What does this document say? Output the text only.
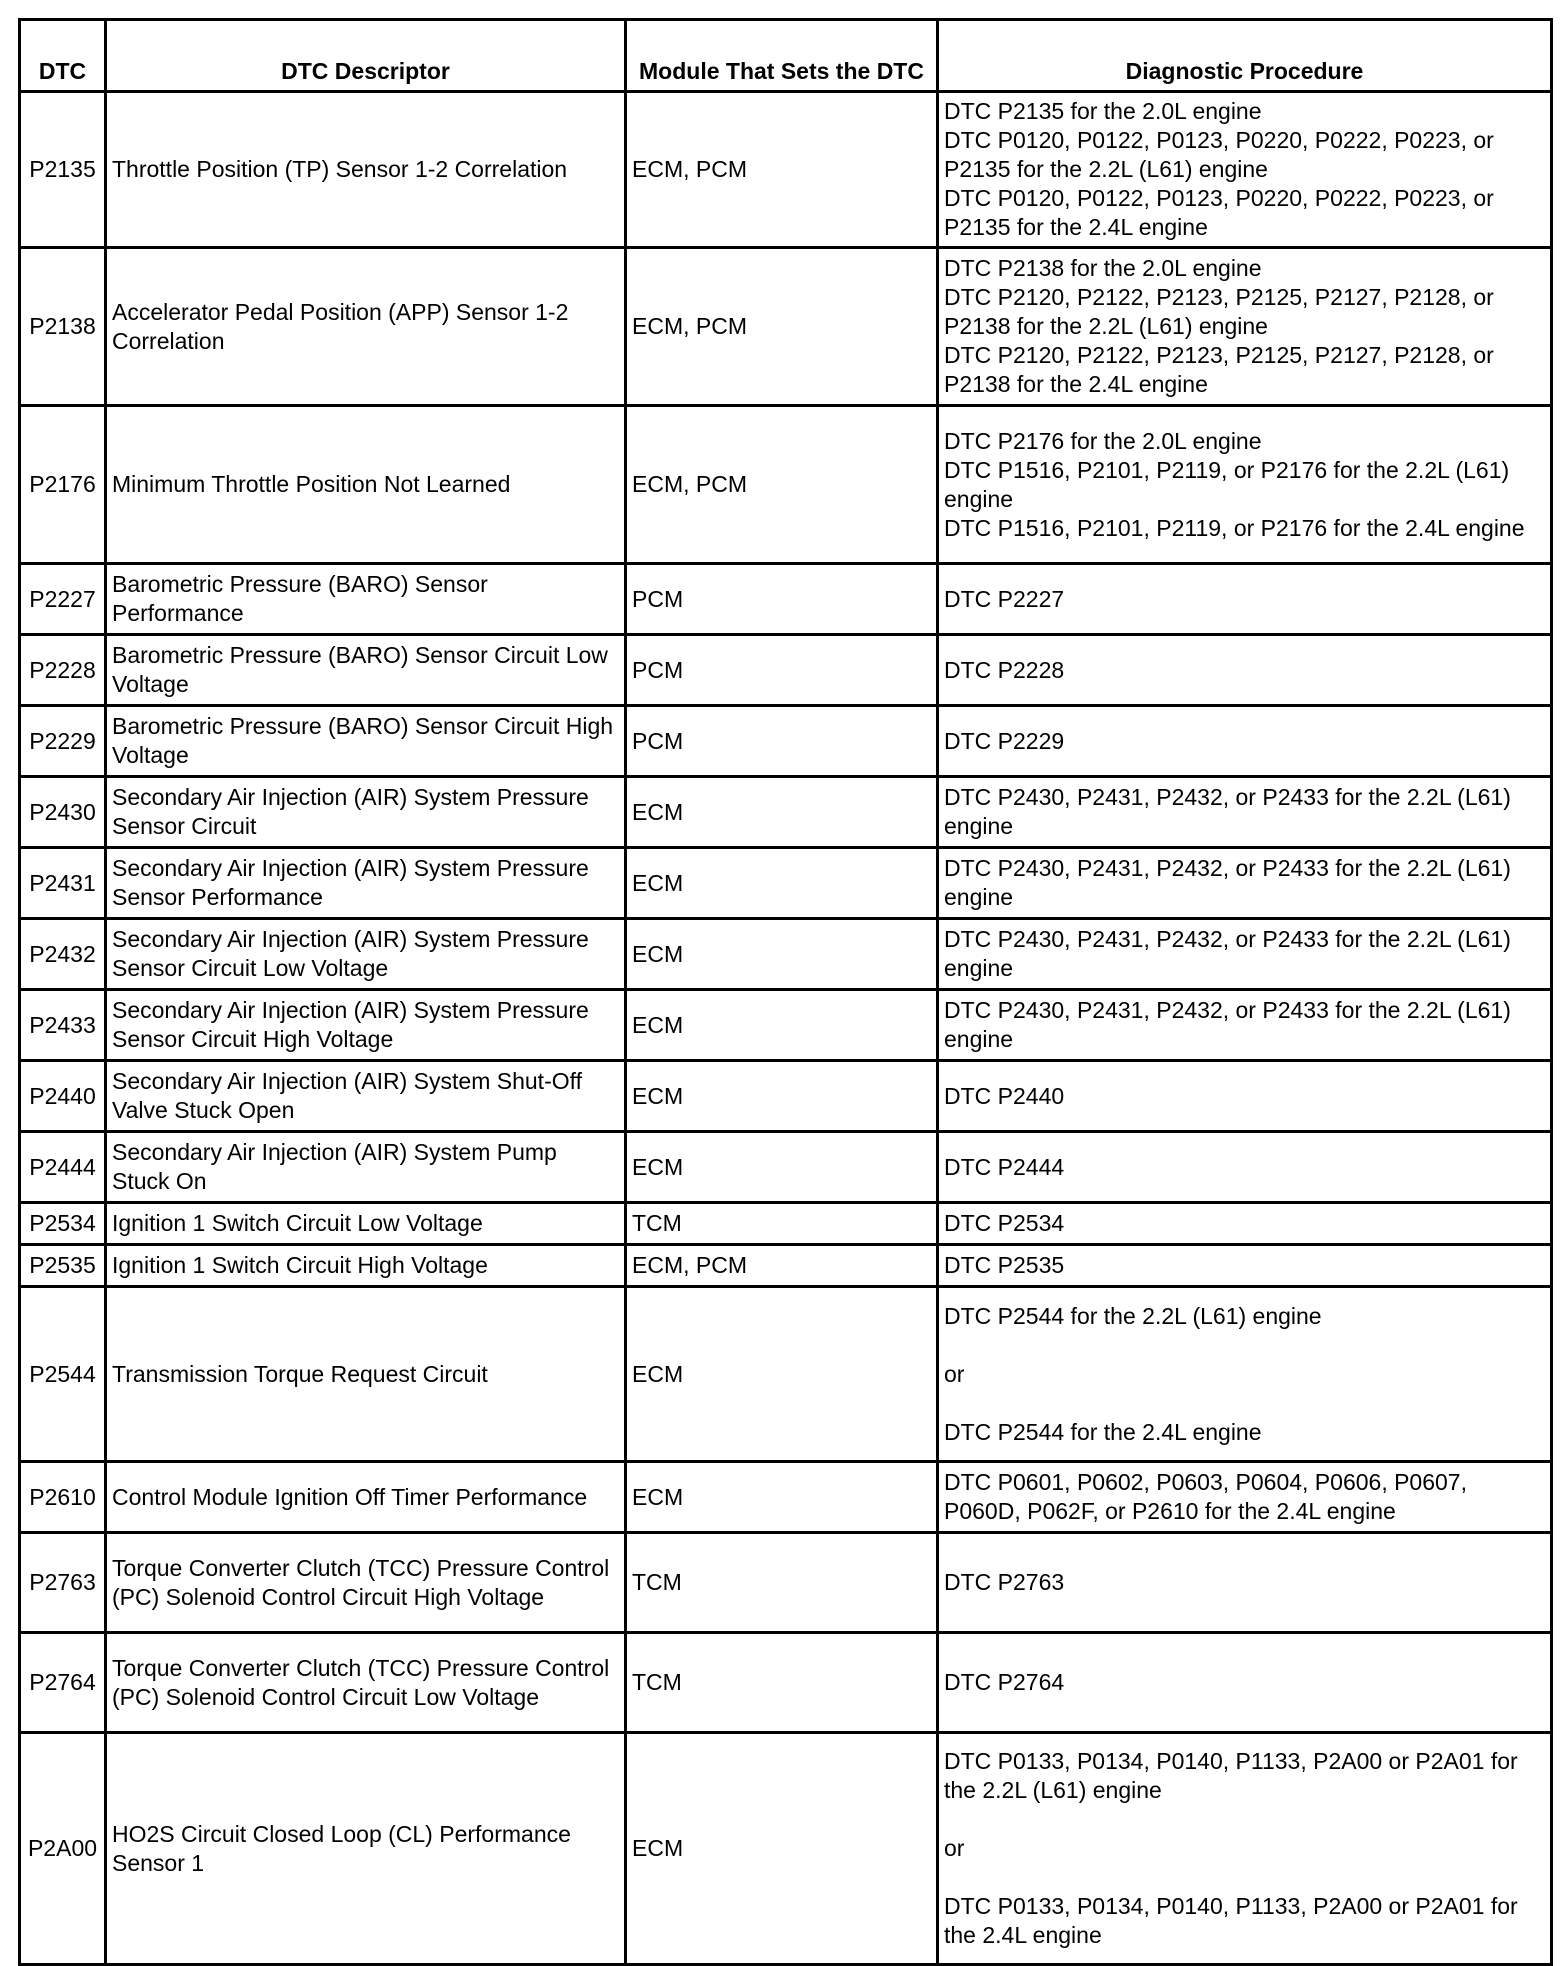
DTC	DTC Descriptor	Module That Sets the DTC	Diagnostic Procedure
P2135	Throttle Position (TP) Sensor 1-2 Correlation	ECM, PCM	DTC P2135 for the 2.0L engine
DTC P0120, P0122, P0123, P0220, P0222, P0223, or P2135 for the 2.2L (L61) engine
DTC P0120, P0122, P0123, P0220, P0222, P0223, or P2135 for the 2.4L engine

P2138	Accelerator Pedal Position (APP) Sensor 1-2 Correlation	ECM, PCM	DTC P2138 for the 2.0L engine
DTC P2120, P2122, P2123, P2125, P2127, P2128, or P2138 for the 2.2L (L61) engine
DTC P2120, P2122, P2123, P2125, P2127, P2128, or P2138 for the 2.4L engine

P2176	Minimum Throttle Position Not Learned	ECM, PCM	DTC P2176 for the 2.0L engine
DTC P1516, P2101, P2119, or P2176 for the 2.2L (L61) engine
DTC P1516, P2101, P2119, or P2176 for the 2.4L engine

P2227	Barometric Pressure (BARO) Sensor Performance	PCM	DTC P2227

P2228	Barometric Pressure (BARO) Sensor Circuit Low Voltage	PCM	DTC P2228

P2229	Barometric Pressure (BARO) Sensor Circuit High Voltage	PCM	DTC P2229

P2430	Secondary Air Injection (AIR) System Pressure Sensor Circuit	ECM	DTC P2430, P2431, P2432, or P2433 for the 2.2L (L61) engine

P2431	Secondary Air Injection (AIR) System Pressure Sensor Performance	ECM	DTC P2430, P2431, P2432, or P2433 for the 2.2L (L61) engine

P2432	Secondary Air Injection (AIR) System Pressure Sensor Circuit Low Voltage	ECM	DTC P2430, P2431, P2432, or P2433 for the 2.2L (L61) engine

P2433	Secondary Air Injection (AIR) System Pressure Sensor Circuit High Voltage	ECM	DTC P2430, P2431, P2432, or P2433 for the 2.2L (L61) engine

P2440	Secondary Air Injection (AIR) System Shut-Off Valve Stuck Open	ECM	DTC P2440

P2444	Secondary Air Injection (AIR) System Pump Stuck On	ECM	DTC P2444

P2534	Ignition 1 Switch Circuit Low Voltage	TCM	DTC P2534

P2535	Ignition 1 Switch Circuit High Voltage	ECM, PCM	DTC P2535

P2544	Transmission Torque Request Circuit	ECM	DTC P2544 for the 2.2L (L61) engine
or
DTC P2544 for the 2.4L engine

P2610	Control Module Ignition Off Timer Performance	ECM	DTC P0601, P0602, P0603, P0604, P0606, P0607, P060D, P062F, or P2610 for the 2.4L engine

P2763	Torque Converter Clutch (TCC) Pressure Control (PC) Solenoid Control Circuit High Voltage	TCM	DTC P2763

P2764	Torque Converter Clutch (TCC) Pressure Control (PC) Solenoid Control Circuit Low Voltage	TCM	DTC P2764

P2A00	HO2S Circuit Closed Loop (CL) Performance Sensor 1	ECM	DTC P0133, P0134, P0140, P1133, P2A00 or P2A01 for the 2.2L (L61) engine
or
DTC P0133, P0134, P0140, P1133, P2A00 or P2A01 for the 2.4L engine
